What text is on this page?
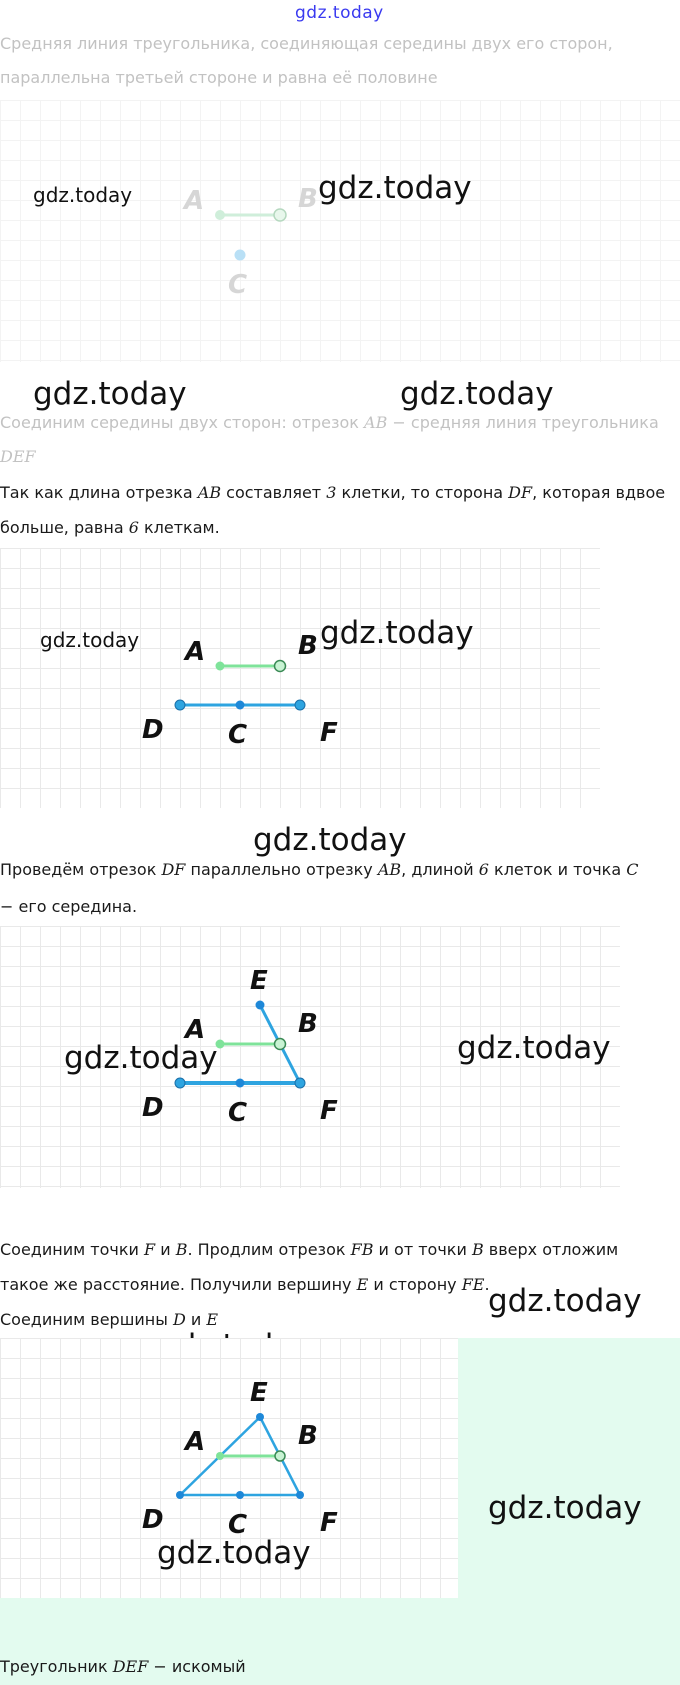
gdz.today
Средняя линия треугольника, соединяющая середины двух его сторон,
параллельна третьей стороне и равна её половине
A	B
C
gdz.today	gdz.today
gdz.today	gdz.today
Соединим середины двух сторон: отрезок AB − средняя линия треугольника
DEF
Так как длина отрезка AB составляет 3 клетки, то сторона DF, которая вдвое
больше, равна 6 клеткам.
A	B
D C	F
gdz.today	gdz.today
gdz.today
Проведём отрезок DF параллельно отрезку AB, длиной 6 клеток и точка C
− его середина.
E
A	B
D C	F
gdz.today	gdz.today
Соединим точки F и B. Продлим отрезок FB и от точки B вверх отложим
такое же расстояние. Получили вершину E и сторону FE.
gdz.today
Соединим вершины D и E
E
A	B
D C	F	gdz.today
gdz.today
Треугольник DEF − искомый
